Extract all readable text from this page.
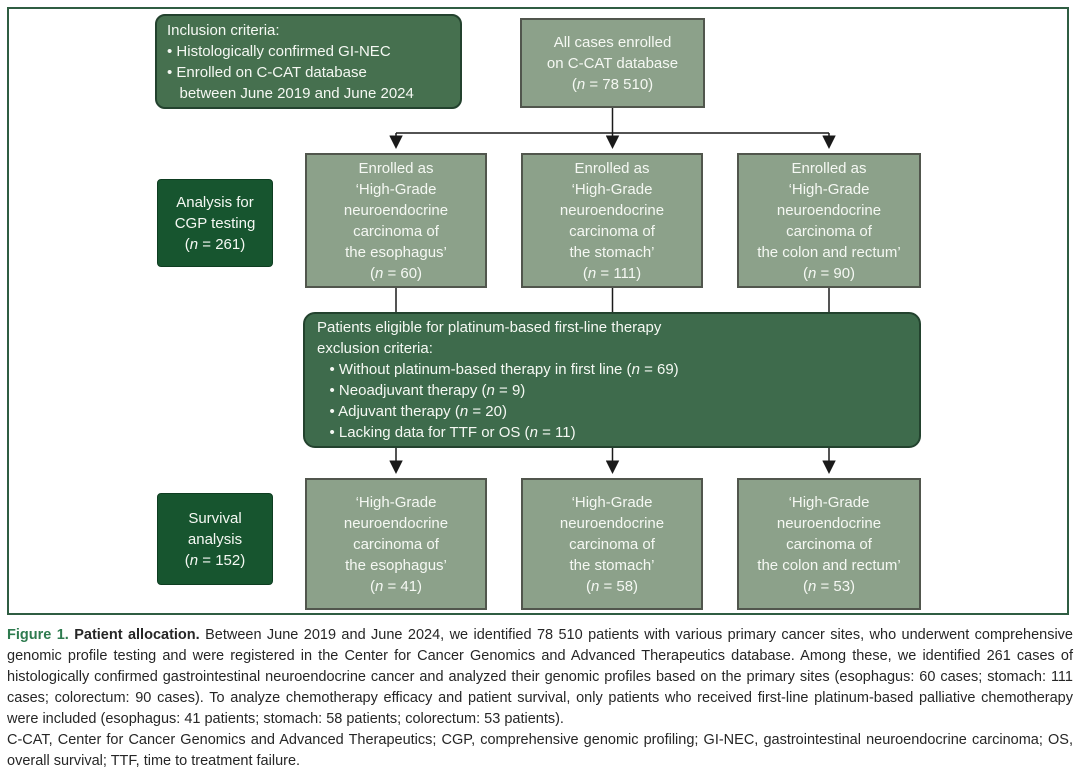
Inclusion criteria:
• Histologically confirmed GI-NEC
• Enrolled on C-CAT database
between June 2019 and June 2024
All cases enrolled
on C-CAT database
(n = 78 510)
Analysis for
CGP testing
(n = 261)
Enrolled as
‘High-Grade
neuroendocrine
carcinoma of
the esophagus’
(n = 60)
Enrolled as
‘High-Grade
neuroendocrine
carcinoma of
the stomach’
(n = 111)
Enrolled as
‘High-Grade
neuroendocrine
carcinoma of
the colon and rectum’
(n = 90)
Patients eligible for platinum-based first-line therapy
exclusion criteria:
• Without platinum-based therapy in first line (n = 69)
• Neoadjuvant therapy (n = 9)
• Adjuvant therapy (n = 20)
• Lacking data for TTF or OS (n = 11)
Survival
analysis
(n = 152)
‘High-Grade
neuroendocrine
carcinoma of
the esophagus’
(n = 41)
‘High-Grade
neuroendocrine
carcinoma of
the stomach’
(n = 58)
‘High-Grade
neuroendocrine
carcinoma of
the colon and rectum’
(n = 53)

Figure 1. Patient allocation. Between June 2019 and June 2024, we identified 78 510 patients with various primary cancer sites, who underwent comprehensive genomic profile testing and were registered in the Center for Cancer Genomics and Advanced Therapeutics database. Among these, we identified 261 cases of histologically confirmed gastrointestinal neuroendocrine cancer and analyzed their genomic profiles based on the primary sites (esophagus: 60 cases; stomach: 111 cases; colorectum: 90 cases). To analyze chemotherapy efficacy and patient survival, only patients who received first-line platinum-based palliative chemotherapy were included (esophagus: 41 patients; stomach: 58 patients; colorectum: 53 patients).

C-CAT, Center for Cancer Genomics and Advanced Therapeutics; CGP, comprehensive genomic profiling; GI-NEC, gastrointestinal neuroendocrine carcinoma; OS, overall survival; TTF, time to treatment failure.
